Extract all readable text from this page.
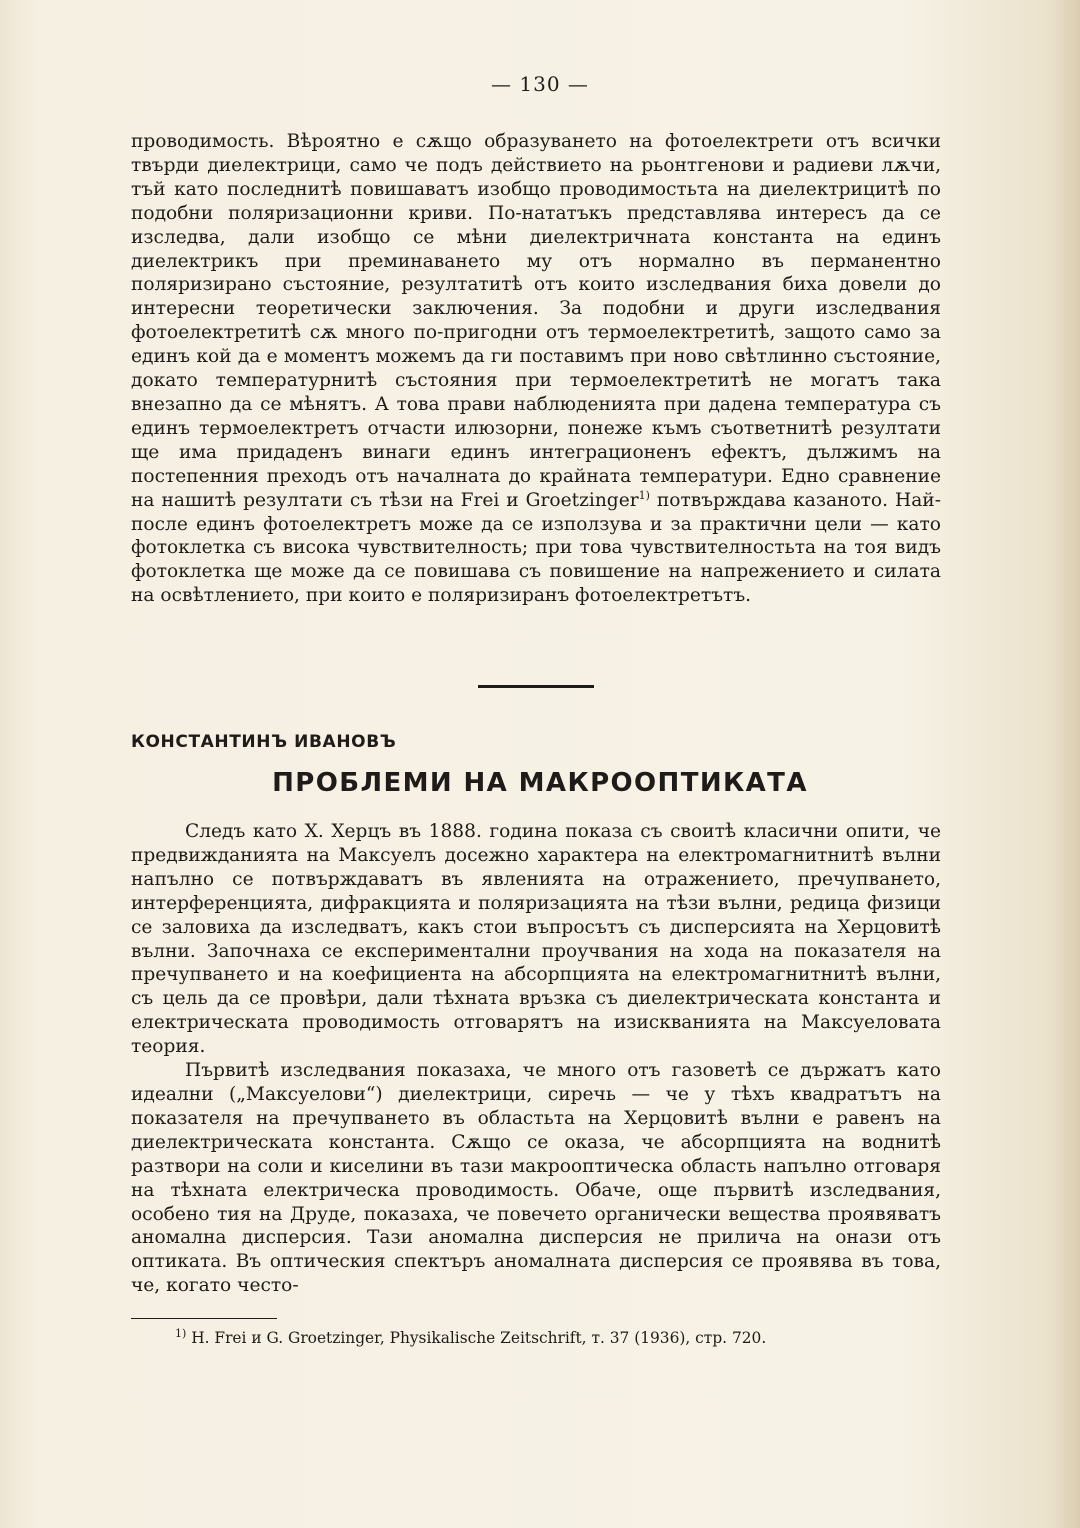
— 130 —

проводимость. Вѣроятно е сѫщо образуването на фотоелектрети отъ всички твърди диелектрици, само че подъ действието на рьонтгенови и радиеви лѫчи, тъй като последнитѣ повишаватъ изобщо проводимостьта на диелектрицитѣ по подобни поляризационни криви. По-нататъкъ представлява интересъ да се изследва, дали изобщо се мѣни диелектричната константа на единъ диелектрикъ при преминаването му отъ нормално въ перманентно поляризирано състояние, резултатитѣ отъ които изследвания биха довели до интересни теоретически заключения. За подобни и други изследвания фотоелектретитѣ сѫ много по-пригодни отъ термоелектретитѣ, защото само за единъ кой да е моментъ можемъ да ги поставимъ при ново свѣтлинно състояние, докато температурнитѣ състояния при термоелектретитѣ не могатъ така внезапно да се мѣнятъ. А това прави наблюденията при дадена температура съ единъ термоелектретъ отчасти илюзорни, понеже къмъ съответнитѣ резултати ще има придаденъ винаги единъ интеграционенъ ефектъ, дължимъ на постепенния преходъ отъ началната до крайната температури. Едно сравнение на нашитѣ резултати съ тѣзи на Frei и Groetzinger$^{1)}$ потвърждава казаното. Най-после единъ фотоелектретъ може да се използува и за практични цели — като фотоклетка съ висока чувствителность; при това чувствителностьта на тоя видъ фотоклетка ще може да се повишава съ повишение на напрежението и силата на освѣтлението, при които е поляризиранъ фотоелектретътъ.

КОНСТАНТИНЪ ИВАНОВЪ
ПРОБЛЕМИ НА МАКРООПТИКАТА

Следъ като Х. Херцъ въ 1888. година показа съ своитѣ класични опити, че предвижданията на Максуелъ досежно характера на електромагнитнитѣ вълни напълно се потвърждаватъ въ явленията на отражението, пречупването, интерференцията, дифракцията и поляризацията на тѣзи вълни, редица физици се заловиха да изследватъ, какъ стои въпросътъ съ дисперсията на Херцовитѣ вълни. Започнаха се експериментални проучвания на хода на показателя на пречупването и на коефициента на абсорпцията на електромагнитнитѣ вълни, съ цель да се провѣри, дали тѣхната връзка съ диелектрическата константа и електрическата проводимость отговарятъ на изискванията на Максуеловата теория.

Първитѣ изследвания показаха, че много отъ газоветѣ се държатъ като идеални („Максуелови“) диелектрици, сиречь — че у тѣхъ квадратътъ на показателя на пречупването въ областьта на Херцовитѣ вълни е равенъ на диелектрическата константа. Сѫщо се оказа, че абсорпцията на воднитѣ разтвори на соли и киселини въ тази макрооптическа область напълно отговаря на тѣхната електрическа проводимость. Обаче, още първитѣ изследвания, особено тия на Друде, показаха, че повечето органически вещества проявяватъ аномална дисперсия. Тази аномална дисперсия не прилича на онази отъ оптиката. Въ оптическия спектъръ аномалната дисперсия се проявява въ това, че, когато често-

$^{1)}$ H. Frei и G. Groetzinger, Physikalische Zeitschrift, т. 37 (1936), стр. 720.
